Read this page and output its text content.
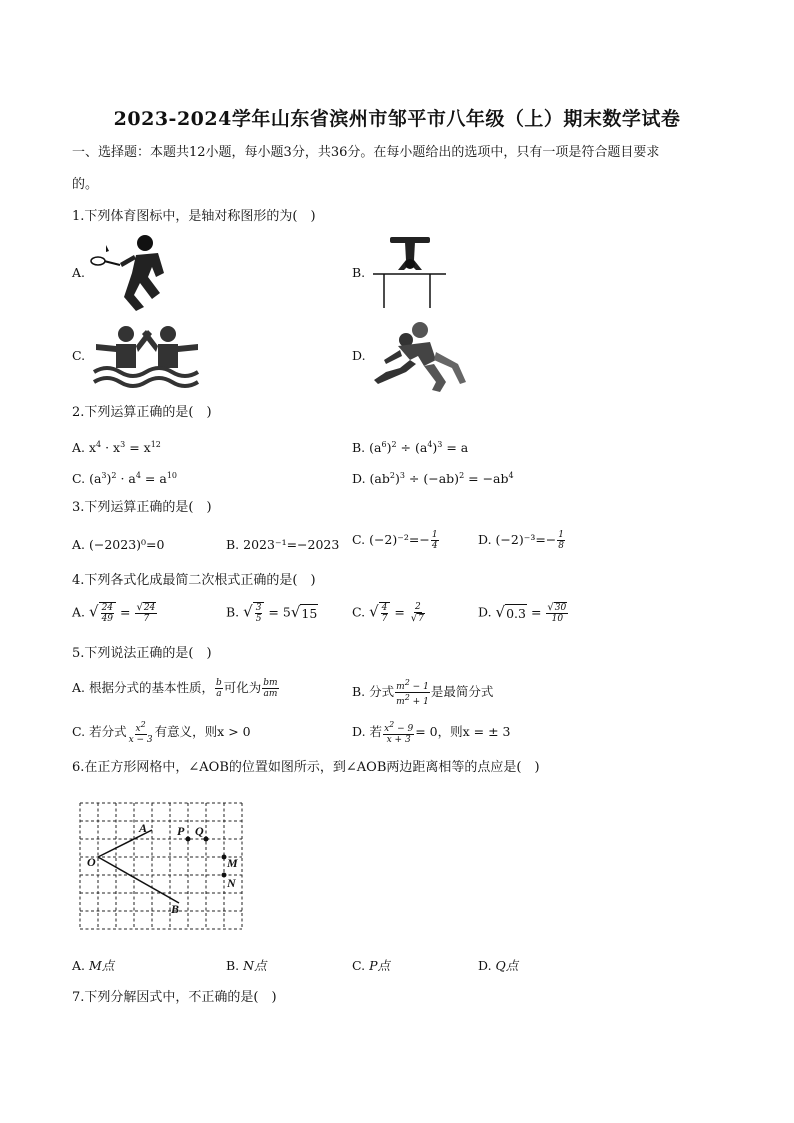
2023-2024学年山东省滨州市邹平市八年级（上）期末数学试卷
一、选择题：本题共12小题，每小题3分，共36分。在每小题给出的选项中，只有一项是符合题目要求
的。
1.下列体育图标中，是轴对称图形的为(　)
A.	B.
C.	D.
2.下列运算正确的是(　)
A. $x^4 \cdot x^3 = x^{12}$	B. $(a^6)^2 \div (a^4)^3 = a$
C. $(a^3)^2 \cdot a^4 = a^{10}$	D. $(ab^2)^3 \div (-ab)^2 = -ab^4$
3.下列运算正确的是(　)
A. (−2023)⁰=0	B. 2023⁻¹=−2023 C. $(-2)^{-2}=- \frac{1}{4}$	D. $(-2)^{-3}=- \frac{1}{8}$
4.下列各式化成最简二次根式正确的是(　)
A. √ $\frac{24}{49} = \frac{√24}{7}$	B. √ $\frac{3}{5} = 5√15$	C. √ $\frac{4}{7} = \frac{2}{√7}$	D. $√0.3 = \frac{√30}{10}$
5.下列说法正确的是(　)
A. 根据分式的基本性质， $\frac{b}{a}$ 可化为 $\frac{bm}{am}$	B. 分式 $\frac{m^2 - 1}{m^2 + 1}$ 是最简分式
C. 若分式 $\frac{x^2}{x - 3}$ 有意义，则x > 0	D. 若 $\frac{x^2 - 9}{x + 3} = 0$，则x = ± 3
6.在正方形网格中，∠AOB的位置如图所示，到∠AOB两边距离相等的点应是(　)
O
A
B
P Q
M
N
A. M点	B. N点	C. P点	D. Q点
7.下列分解因式中，不正确的是(　)
